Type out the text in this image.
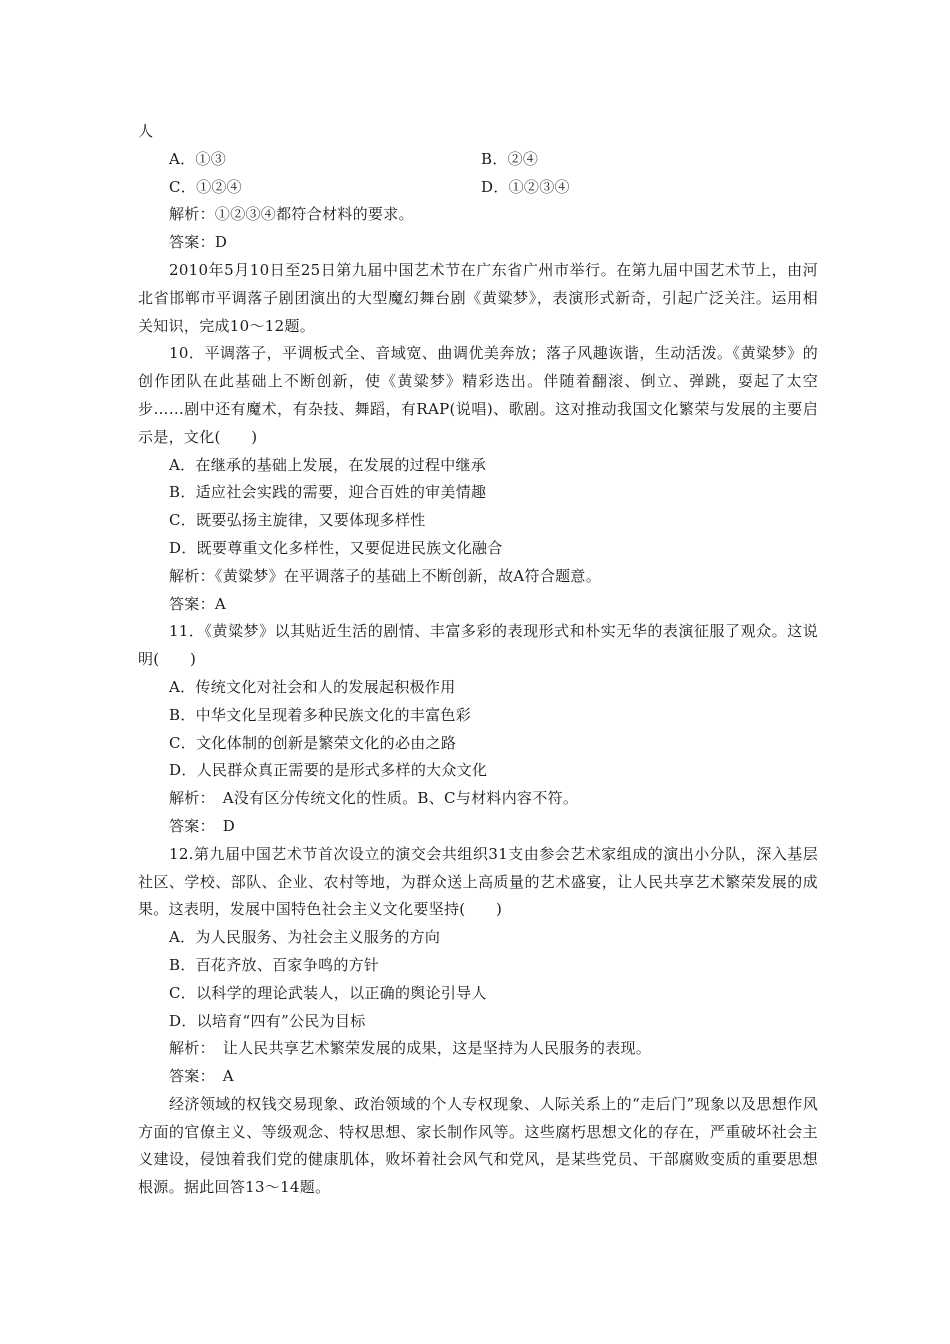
人
A．①③	B．②④
C．①②④	D．①②③④
解析：①②③④都符合材料的要求。
答案：D

2010年5月10日至25日第九届中国艺术节在广东省广州市举行。在第九届中国艺术节上，由河北省邯郸市平调落子剧团演出的大型魔幻舞台剧《黄粱梦》，表演形式新奇，引起广泛关注。运用相关知识，完成10～12题。

10．平调落子，平调板式全、音域宽、曲调优美奔放；落子风趣诙谐，生动活泼。《黄粱梦》的创作团队在此基础上不断创新，使《黄粱梦》精彩迭出。伴随着翻滚、倒立、弹跳，耍起了太空步……剧中还有魔术，有杂技、舞蹈，有RAP(说唱)、歌剧。这对推动我国文化繁荣与发展的主要启示是，文化(　　)

A．在继承的基础上发展，在发展的过程中继承
B．适应社会实践的需要，迎合百姓的审美情趣
C．既要弘扬主旋律，又要体现多样性
D．既要尊重文化多样性，又要促进民族文化融合
解析：《黄粱梦》在平调落子的基础上不断创新，故A符合题意。
答案：A

11．《黄粱梦》以其贴近生活的剧情、丰富多彩的表现形式和朴实无华的表演征服了观众。这说明(　　)

A．传统文化对社会和人的发展起积极作用
B．中华文化呈现着多种民族文化的丰富色彩
C．文化体制的创新是繁荣文化的必由之路
D．人民群众真正需要的是形式多样的大众文化
解析：　A没有区分传统文化的性质。B、C与材料内容不符。
答案：　D

12.第九届中国艺术节首次设立的演交会共组织31支由参会艺术家组成的演出小分队，深入基层社区、学校、部队、企业、农村等地，为群众送上高质量的艺术盛宴，让人民共享艺术繁荣发展的成果。这表明，发展中国特色社会主义文化要坚持(　　)

A．为人民服务、为社会主义服务的方向
B．百花齐放、百家争鸣的方针
C．以科学的理论武装人，以正确的舆论引导人
D．以培育“四有”公民为目标
解析：　让人民共享艺术繁荣发展的成果，这是坚持为人民服务的表现。
答案：　A

经济领域的权钱交易现象、政治领域的个人专权现象、人际关系上的“走后门”现象以及思想作风方面的官僚主义、等级观念、特权思想、家长制作风等。这些腐朽思想文化的存在，严重破坏社会主义建设，侵蚀着我们党的健康肌体，败坏着社会风气和党风，是某些党员、干部腐败变质的重要思想根源。据此回答13～14题。
